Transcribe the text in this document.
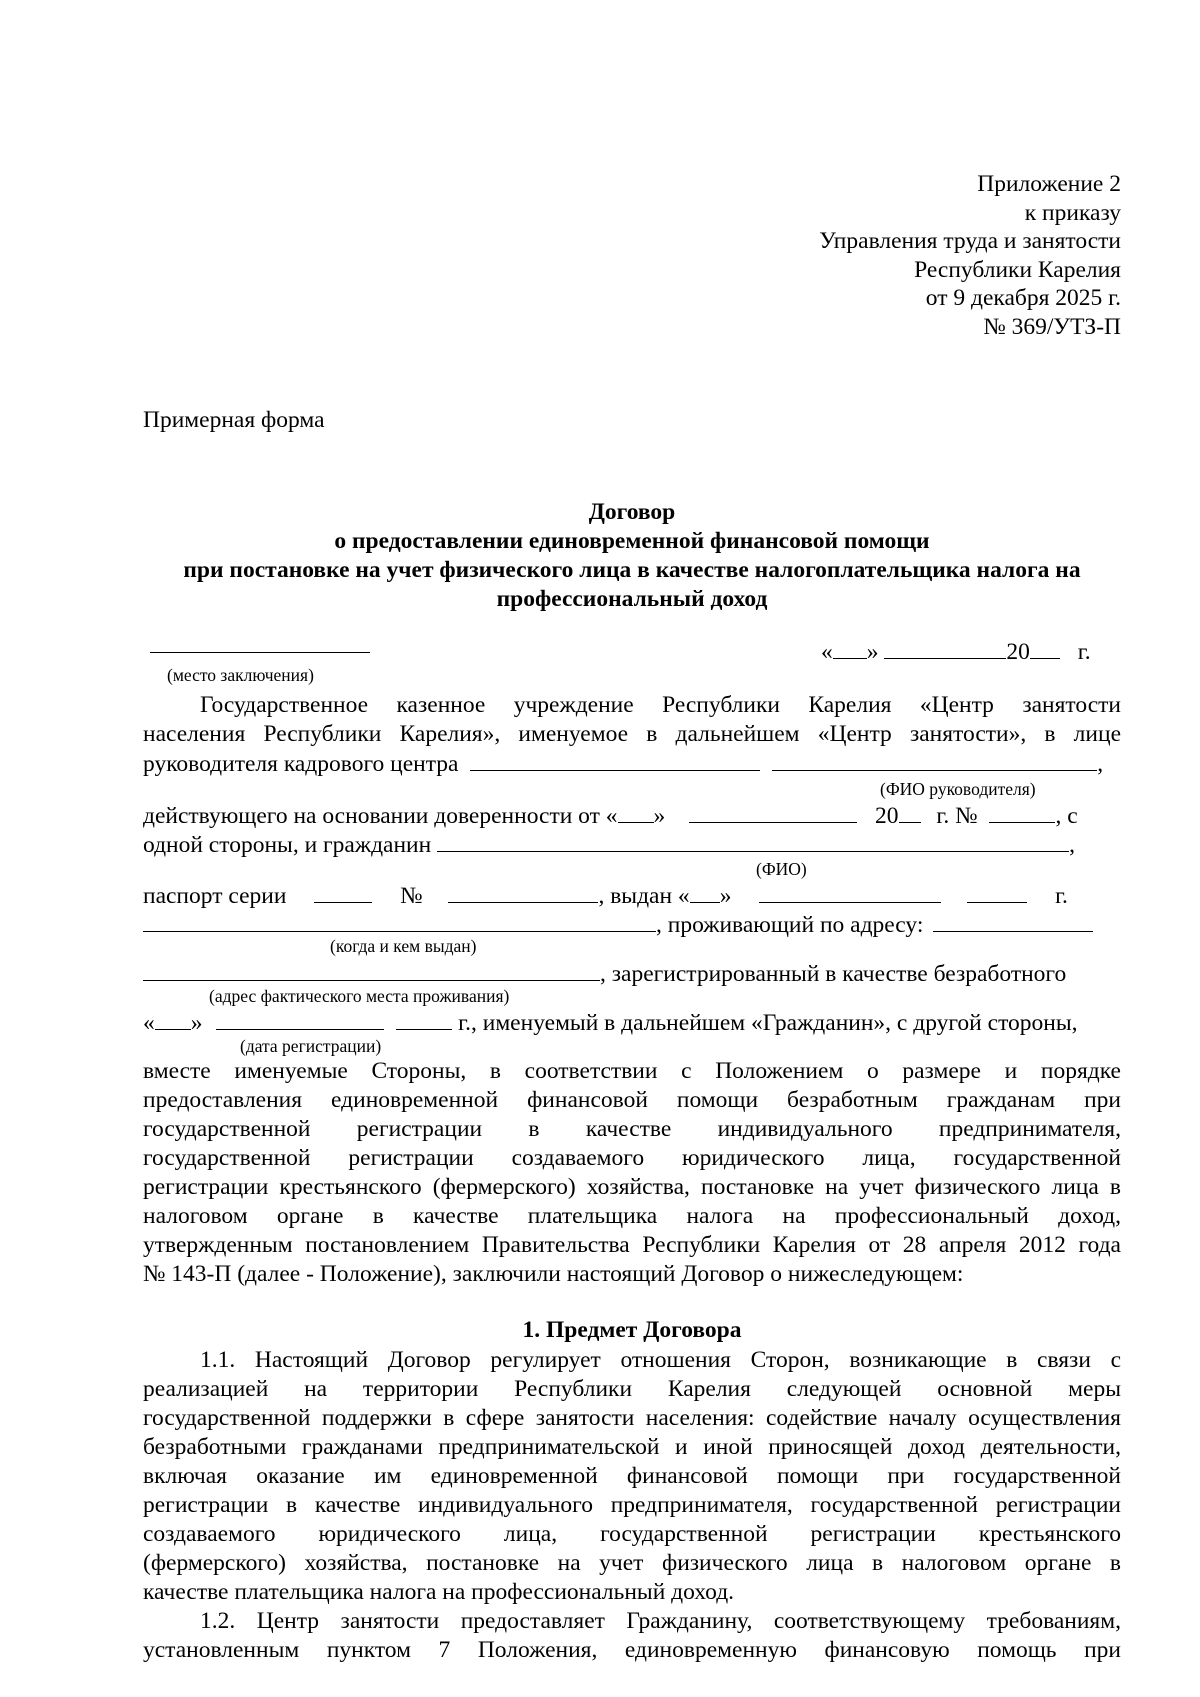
Приложение 2
к приказу
Управления труда и занятости
Республики Карелия
от 9 декабря 2025 г.
№ 369/УТЗ-П
Примерная форма
Договор
о предоставлении единовременной финансовой помощи
при постановке на учет физического лица в качестве налогоплательщика налога на
профессиональный доход
(место заключения)
« »	20 г.
Государственное казенное учреждение Республики Карелия «Центр занятости
населения Республики Карелия», именуемое в дальнейшем «Центр занятости», в лице
руководителя кадрового центра	,
(ФИО руководителя)
действующего на основании доверенности от « »	20 г. №	, с
одной стороны, и гражданин	,
(ФИО)
паспорт серии	№	, выдан « »	г.
, проживающий по адресу:
(когда и кем выдан)
, зарегистрированный в качестве безработного
(адрес фактического места проживания)
« »	г., именуемый в дальнейшем «Гражданин», с другой стороны,
(дата регистрации)
вместе именуемые Стороны, в соответствии с Положением о размере и порядке
предоставления единовременной финансовой помощи безработным гражданам при
государственной регистрации в качестве индивидуального предпринимателя,
государственной регистрации создаваемого юридического лица, государственной
регистрации крестьянского (фермерского) хозяйства, постановке на учет физического лица в
налоговом органе в качестве плательщика налога на профессиональный доход,
утвержденным постановлением Правительства Республики Карелия от 28 апреля 2012 года
№ 143-П (далее - Положение), заключили настоящий Договор о нижеследующем:
1. Предмет Договора
1.1. Настоящий Договор регулирует отношения Сторон, возникающие в связи с
реализацией на территории Республики Карелия следующей основной меры
государственной поддержки в сфере занятости населения: содействие началу осуществления
безработными гражданами предпринимательской и иной приносящей доход деятельности,
включая оказание им единовременной финансовой помощи при государственной
регистрации в качестве индивидуального предпринимателя, государственной регистрации
создаваемого юридического лица, государственной регистрации крестьянского
(фермерского) хозяйства, постановке на учет физического лица в налоговом органе в
качестве плательщика налога на профессиональный доход.
1.2. Центр занятости предоставляет Гражданину, соответствующему требованиям,
установленным пунктом 7 Положения, единовременную финансовую помощь при
